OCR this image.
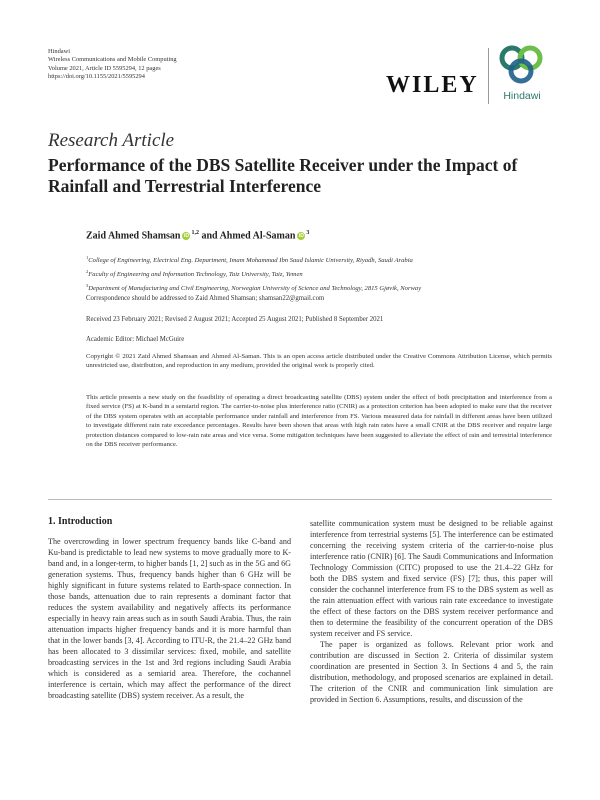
Hindawi
Wireless Communications and Mobile Computing
Volume 2021, Article ID 5595294, 12 pages
https://doi.org/10.1155/2021/5595294	WILEY	Hindawi
Research Article
Performance of the DBS Satellite Receiver under the Impact of Rainfall and Terrestrial Interference
Zaid Ahmed Shamsan iD$^{1,2}$ and Ahmed Al-Saman $iD^3$
$^1$College of Engineering, Electrical Eng. Department, Imam Mohammad Ibn Saud Islamic University, Riyadh, Saudi Arabia
$^2$Faculty of Engineering and Information Technology, Taiz University, Taiz, Yemen
$^3$Department of Manufacturing and Civil Engineering, Norwegian University of Science and Technology, 2815 Gjøvik, Norway
Correspondence should be addressed to Zaid Ahmed Shamsan; shamsan22@gmail.com
Received 23 February 2021; Revised 2 August 2021; Accepted 25 August 2021; Published 8 September 2021
Academic Editor: Michael McGuire
Copyright © 2021 Zaid Ahmed Shamsan and Ahmed Al-Saman. This is an open access article distributed under the Creative Commons Attribution License, which permits unrestricted use, distribution, and reproduction in any medium, provided the original work is properly cited.
This article presents a new study on the feasibility of operating a direct broadcasting satellite (DBS) system under the effect of both precipitation and interference from a fixed service (FS) at K-band in a semiarid region. The carrier-to-noise plus interference ratio (CNIR) as a protection criterion has been adopted to make sure that the receiver of the DBS system operates with an acceptable performance under rainfall and interference from FS. Various measured data for rainfall in different areas have been utilized to investigate different rain rate exceedance percentages. Results have been shown that areas with high rain rates have a small CNIR at the DBS receiver and require large protection distances compared to low-rain rate areas and vice versa. Some mitigation techniques have been suggested to alleviate the effect of rain and terrestrial interference on the DBS receiver performance.
1. Introduction

The overcrowding in lower spectrum frequency bands like C-band and Ku-band is predictable to lead new systems to move gradually more to K-band and, in a longer-term, to higher bands [1, 2] such as in the 5G and 6G generation systems. Thus, frequency bands higher than 6 GHz will be highly significant in future systems related to Earth-space connection. In those bands, attenuation due to rain represents a dominant factor that reduces the system availability and negatively affects its performance especially in heavy rain areas such as in south Saudi Arabia. Thus, the rain attenuation impacts higher frequency bands and it is more harmful than that in the lower bands [3, 4]. According to ITU-R, the 21.4–22 GHz band has been allocated to 3 dissimilar services: fixed, mobile, and satellite broadcasting services in the 1st and 3rd regions including Saudi Arabia which is considered as a semiarid area. Therefore, the cochannel interference is certain, which may affect the performance of the direct broadcasting satellite (DBS) system receiver. As a result, the

satellite communication system must be designed to be reliable against interference from terrestrial systems [5]. The interference can be estimated concerning the receiving system criteria of the carrier-to-noise plus interference ratio (CNIR) [6]. The Saudi Communications and Information Technology Commission (CITC) proposed to use the 21.4–22 GHz for both the DBS system and fixed service (FS) [7]; thus, this paper will consider the cochannel interference from FS to the DBS system as well as the rain attenuation effect with various rain rate exceedance to investigate the effect of these factors on the DBS system receiver performance and then to determine the feasibility of the concurrent operation of the DBS system receiver and FS service.

The paper is organized as follows. Relevant prior work and contribution are discussed in Section 2. Criteria of dissimilar system coordination are presented in Section 3. In Sections 4 and 5, the rain distribution, methodology, and proposed scenarios are explained in detail. The criterion of the CNIR and communication link simulation are provided in Section 6. Assumptions, results, and discussion of the
